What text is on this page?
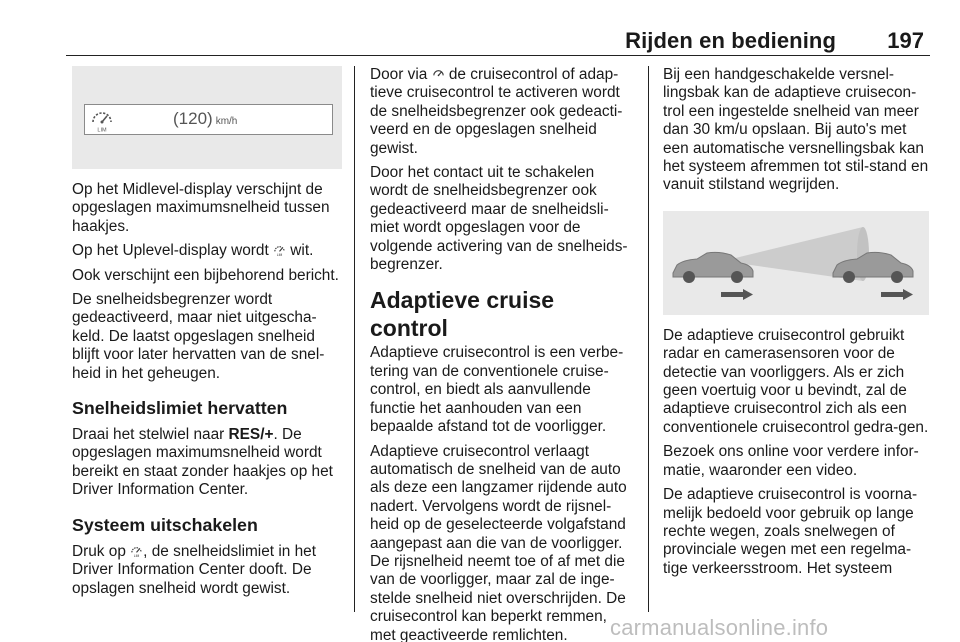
Rijden en bediening 197
LIM
(120) km/h

Op het Midlevel-display verschijnt de opgeslagen maximumsnelheid tussen haakjes.

Op het Uplevel-display wordt LIM wit.

Ook verschijnt een bijbehorend bericht.

De snelheidsbegrenzer wordt gedeactiveerd, maar niet uitgescha-keld. De laatst opgeslagen snelheid blijft voor later hervatten van de snel-heid in het geheugen.

Snelheidslimiet hervatten

Draai het stelwiel naar RES/+. De opgeslagen maximumsnelheid wordt bereikt en staat zonder haakjes op het Driver Information Center.

Systeem uitschakelen

Druk op LIM , de snelheidslimiet in het Driver Information Center dooft. De opslagen snelheid wordt gewist.

Door via  de cruisecontrol of adap-tieve cruisecontrol te activeren wordt de snelheidsbegrenzer ook gedeacti-veerd en de opgeslagen snelheid gewist.

Door het contact uit te schakelen wordt de snelheidsbegrenzer ook gedeactiveerd maar de snelheidsli-miet wordt opgeslagen voor de volgende activering van de snelheids-begrenzer.

Adaptieve cruise control

Adaptieve cruisecontrol is een verbe-tering van de conventionele cruise-control, en biedt als aanvullende functie het aanhouden van een bepaalde afstand tot de voorligger.

Adaptieve cruisecontrol verlaagt automatisch de snelheid van de auto als deze een langzamer rijdende auto nadert. Vervolgens wordt de rijsnel-heid op de geselecteerde volgafstand aangepast aan die van de voorligger. De rijsnelheid neemt toe of af met die van de voorligger, maar zal de inge-stelde snelheid niet overschrijden. De cruisecontrol kan beperkt remmen, met geactiveerde remlichten.

Bij een handgeschakelde versnel-lingsbak kan de adaptieve cruisecon-trol een ingestelde snelheid van meer dan 30 km/u opslaan. Bij auto's met een automatische versnellingsbak kan het systeem afremmen tot stil-stand en vanuit stilstand wegrijden.

De adaptieve cruisecontrol gebruikt radar en camerasensoren voor de detectie van voorliggers. Als er zich geen voertuig voor u bevindt, zal de adaptieve cruisecontrol zich als een conventionele cruisecontrol gedra-gen.

Bezoek ons online voor verdere infor-matie, waaronder een video.

De adaptieve cruisecontrol is voorna-melijk bedoeld voor gebruik op lange rechte wegen, zoals snelwegen of provinciale wegen met een regelma-tige verkeersstroom. Het systeem

carmanualsonline.info
